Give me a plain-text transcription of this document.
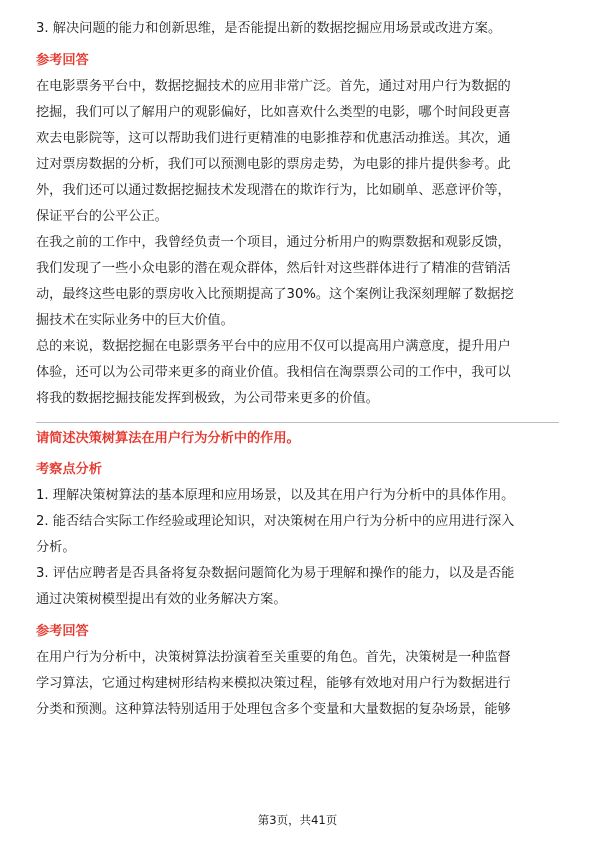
3. 解决问题的能力和创新思维，是否能提出新的数据挖掘应用场景或改进方案。
参考回答
在电影票务平台中，数据挖掘技术的应用非常广泛。首先，通过对用户行为数据的
挖掘，我们可以了解用户的观影偏好，比如喜欢什么类型的电影，哪个时间段更喜
欢去电影院等，这可以帮助我们进行更精准的电影推荐和优惠活动推送。其次，通
过对票房数据的分析，我们可以预测电影的票房走势，为电影的排片提供参考。此
外，我们还可以通过数据挖掘技术发现潜在的欺诈行为，比如刷单、恶意评价等，
保证平台的公平公正。
在我之前的工作中，我曾经负责一个项目，通过分析用户的购票数据和观影反馈，
我们发现了一些小众电影的潜在观众群体，然后针对这些群体进行了精准的营销活
动，最终这些电影的票房收入比预期提高了30%。这个案例让我深刻理解了数据挖
掘技术在实际业务中的巨大价值。
总的来说，数据挖掘在电影票务平台中的应用不仅可以提高用户满意度，提升用户
体验，还可以为公司带来更多的商业价值。我相信在淘票票公司的工作中，我可以
将我的数据挖掘技能发挥到极致，为公司带来更多的价值。
请简述决策树算法在用户行为分析中的作用。
考察点分析
1. 理解决策树算法的基本原理和应用场景，以及其在用户行为分析中的具体作用。
2. 能否结合实际工作经验或理论知识，对决策树在用户行为分析中的应用进行深入
分析。
3. 评估应聘者是否具备将复杂数据问题简化为易于理解和操作的能力，以及是否能
通过决策树模型提出有效的业务解决方案。
参考回答
在用户行为分析中，决策树算法扮演着至关重要的角色。首先，决策树是一种监督
学习算法，它通过构建树形结构来模拟决策过程，能够有效地对用户行为数据进行
分类和预测。这种算法特别适用于处理包含多个变量和大量数据的复杂场景，能够
第3页，共41页
